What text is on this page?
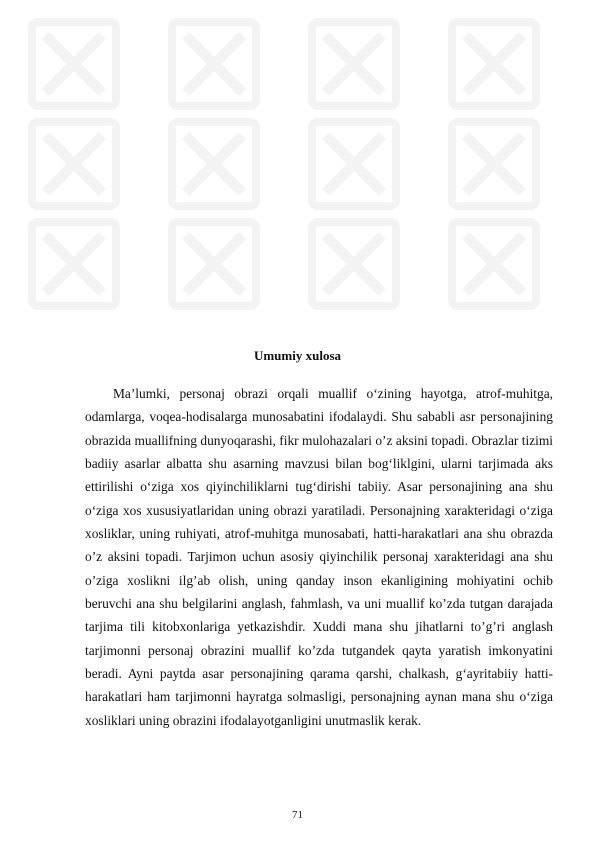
Umumiy xulosa

Ma’lumki, personaj obrazi orqali muallif o‘zining hayotga, atrof-muhitga, odamlarga, voqea-hodisalarga munosabatini ifodalaydi. Shu sababli asr personajining obrazida muallifning dunyoqarashi, fikr mulohazalari o’z aksini topadi. Obrazlar tizimi badiiy asarlar albatta shu asarning mavzusi bilan bog‘liklgini, ularni tarjimada aks ettirilishi o‘ziga xos qiyinchiliklarni tug‘dirishi tabiiy. Asar personajining ana shu o‘ziga xos xususiyatlaridan uning obrazi yaratiladi. Personajning xarakteridagi o‘ziga xosliklar, uning ruhiyati, atrof-muhitga munosabati, hatti-harakatlari ana shu obrazda o’z aksini topadi. Tarjimon uchun asosiy qiyinchilik personaj xarakteridagi ana shu o’ziga xoslikni ilg’ab olish, uning qanday inson ekanligining mohiyatini ochib beruvchi ana shu belgilarini anglash, fahmlash, va uni muallif ko’zda tutgan darajada tarjima tili kitobxonlariga yetkazishdir. Xuddi mana shu jihatlarni to’g’ri anglash tarjimonni personaj obrazini muallif ko’zda tutgandek qayta yaratish imkonyatini beradi. Ayni paytda asar personajining qarama qarshi, chalkash, g‘ayritabiiy hatti-harakatlari ham tarjimonni hayratga solmasligi, personajning aynan mana shu o‘ziga xosliklari uning obrazini ifodalayotganligini unutmaslik kerak.

71
